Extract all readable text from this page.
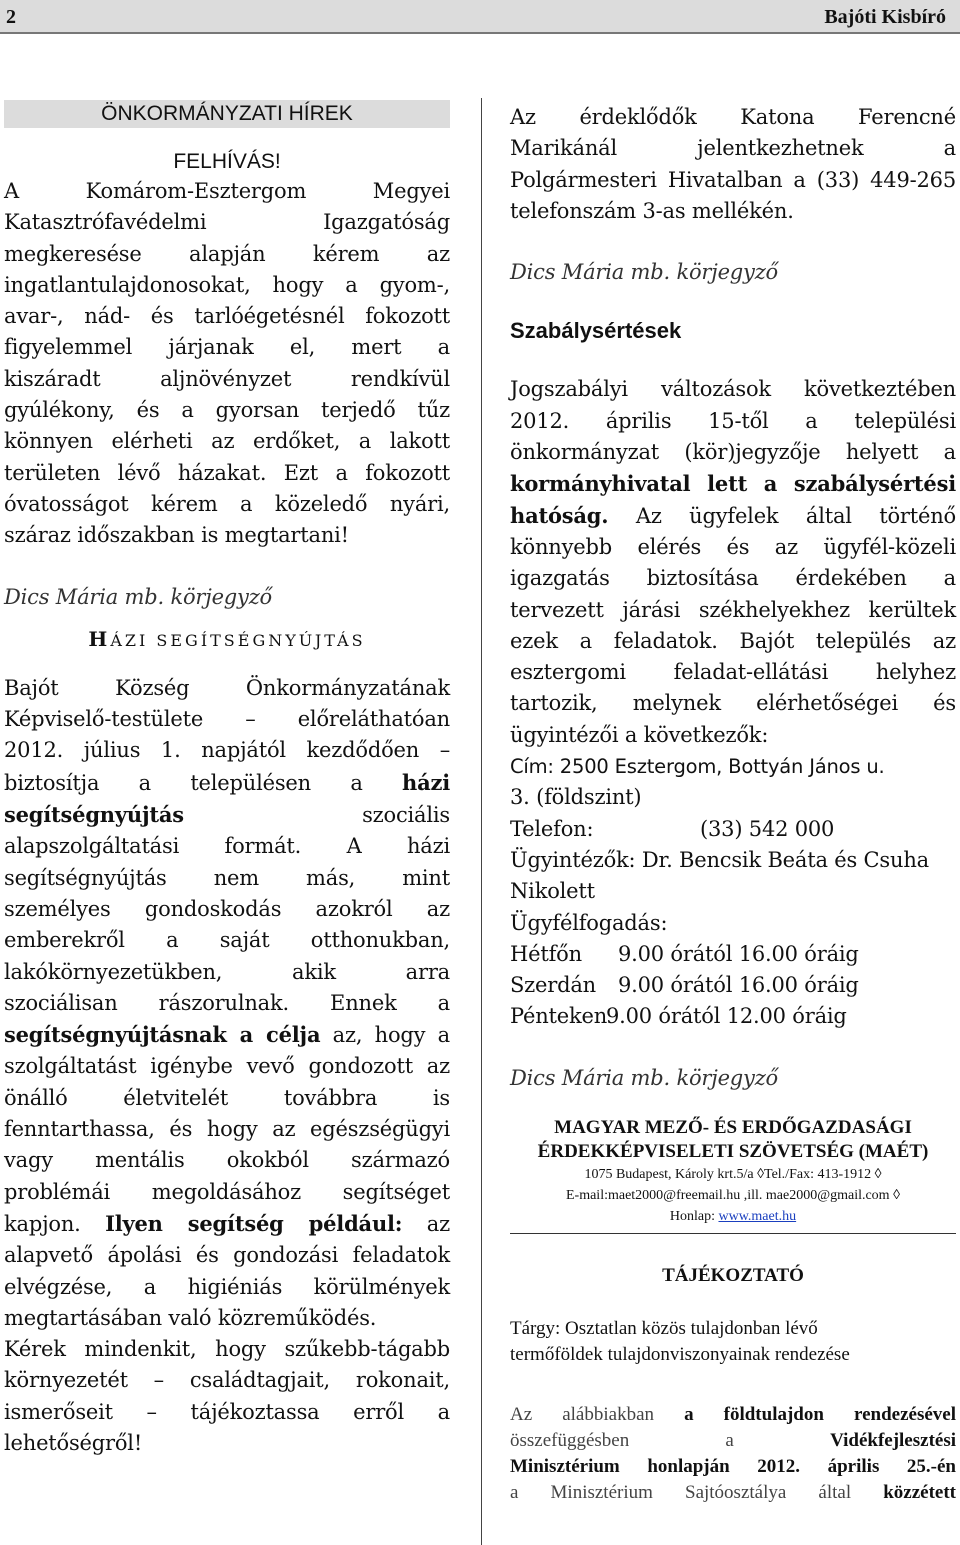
2	Bajóti Kisbíró
ÖNKORMÁNYZATI HÍREK
FELHÍVÁS!

A Komárom-Esztergom Megyei

Katasztrófavédelmi Igazgatóság

megkeresése alapján kérem az

ingatlantulajdonosokat, hogy a gyom-,

avar-, nád- és tarlóégetésnél fokozott

figyelemmel járjanak el, mert a

kiszáradt aljnövényzet rendkívül

gyúlékony, és a gyorsan terjedő tűz

könnyen elérheti az erdőket, a lakott

területen lévő házakat. Ezt a fokozott

óvatosságot kérem a közeledő nyári,

száraz időszakban is megtartani!

Dics Mária mb. körjegyző

HÁZI SEGÍTSÉGNYÚJTÁS

Bajót Község Önkormányzatának

Képviselő-testülete – előreláthatóan

2012. július 1. napjától kezdődően –

biztosítja a településen a házi

segítségnyújtás szociális

alapszolgáltatási formát. A házi

segítségnyújtás nem más, mint

személyes gondoskodás azokról az

emberekről a saját otthonukban,

lakókörnyezetükben, akik arra

szociálisan rászorulnak. Ennek a

segítségnyújtásnak a célja az, hogy a

szolgáltatást igénybe vevő gondozott az

önálló életvitelét továbbra is

fenntarthassa, és hogy az egészségügyi

vagy mentális okokból származó

problémái megoldásához segítséget

kapjon. Ilyen segítség például: az

alapvető ápolási és gondozási feladatok

elvégzése, a higiéniás körülmények

megtartásában való közreműködés.

Kérek mindenkit, hogy szűkebb-tágabb

környezetét – családtagjait, rokonait,

ismerőseit – tájékoztassa erről a

lehetőségről!

Az érdeklődők Katona Ferencné

Marikánál jelentkezhetnek a

Polgármesteri Hivatalban a (33) 449-265

telefonszám 3-as mellékén.

Dics Mária mb. körjegyző

Szabálysértések

Jogszabályi változások következtében

2012. április 15-től a települési

önkormányzat (kör)jegyzője helyett a

kormányhivatal lett a szabálysértési

hatóság. Az ügyfelek által történő

könnyebb elérés és az ügyfél-közeli

igazgatás biztosítása érdekében a

tervezett járási székhelyekhez kerültek

ezek a feladatok. Bajót település az

esztergomi feladat-ellátási helyhez

tartozik, melynek elérhetőségei és

ügyintézői a következők:

Cím: 2500 Esztergom, Bottyán János u.

3. (földszint)

Telefon:	(33) 542 000

Ügyintézők: Dr. Bencsik Beáta és Csuha

Nikolett

Ügyfélfogadás:

Hétfőn 9.00 órától 16.00 óráig

Szerdán 9.00 órától 16.00 óráig

Pénteken9.00 órától 12.00 óráig

Dics Mária mb. körjegyző

MAGYAR MEZŐ- ÉS ERDŐGAZDASÁGI
ÉRDEKKÉPVISELETI SZÖVETSÉG (MAÉT)
1075 Budapest, Károly krt.5/a ◊Tel./Fax: 413-1912 ◊
E-mail:maet2000@freemail.hu ,ill. mae2000@gmail.com ◊
Honlap: www.maet.hu
TÁJÉKOZTATÓ
Tárgy: Osztatlan közös tulajdonban lévő
termőföldek tulajdonviszonyainak rendezése
Az alábbiakban a földtulajdon rendezésével
összefüggésben a Vidékfejlesztési
Minisztérium honlapján 2012. április 25.-én
a Minisztérium Sajtóosztálya által közzétett
